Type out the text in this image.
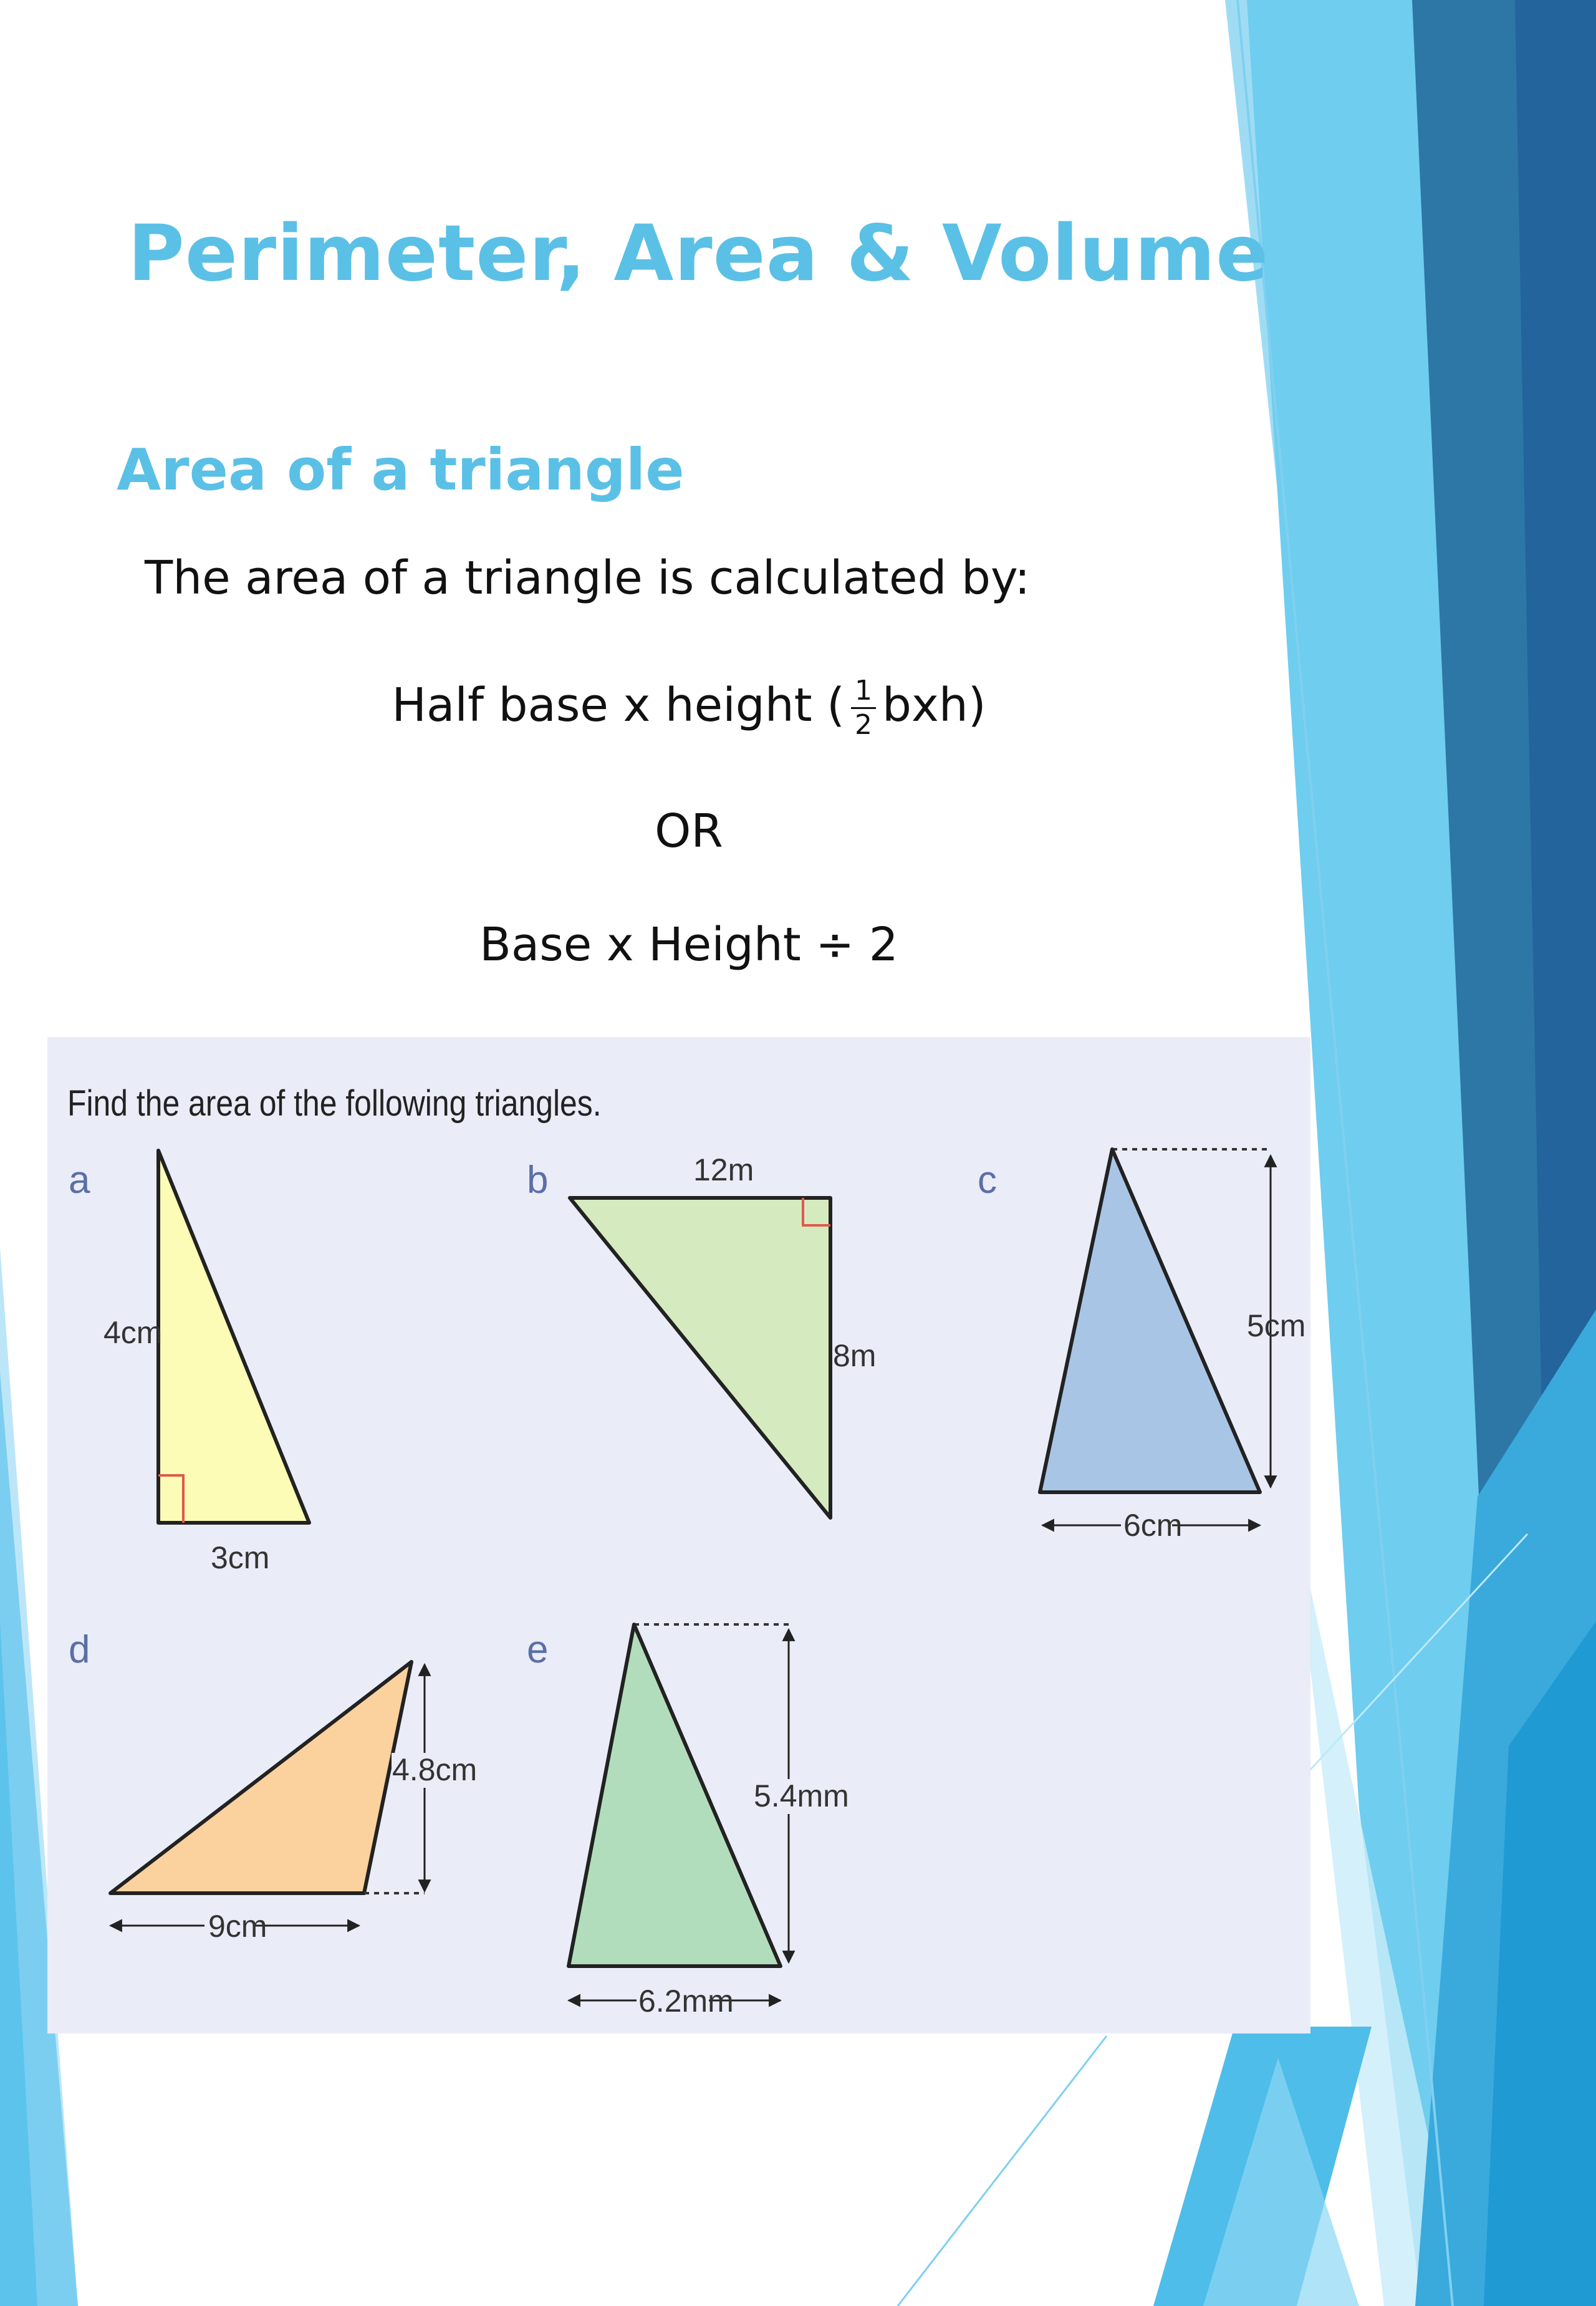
Perimeter, Area & Volume
Area of a triangle

The area of a triangle is calculated by:

Half base x height ( $\frac{1}{2} bxh$)

OR

Base x Height ÷ 2

Find the area of the following triangles.
a
4cm
3cm
b	12m
8m
c
5cm
6cm
d
4.8cm
9cm
e
5.4mm
6.2mm
